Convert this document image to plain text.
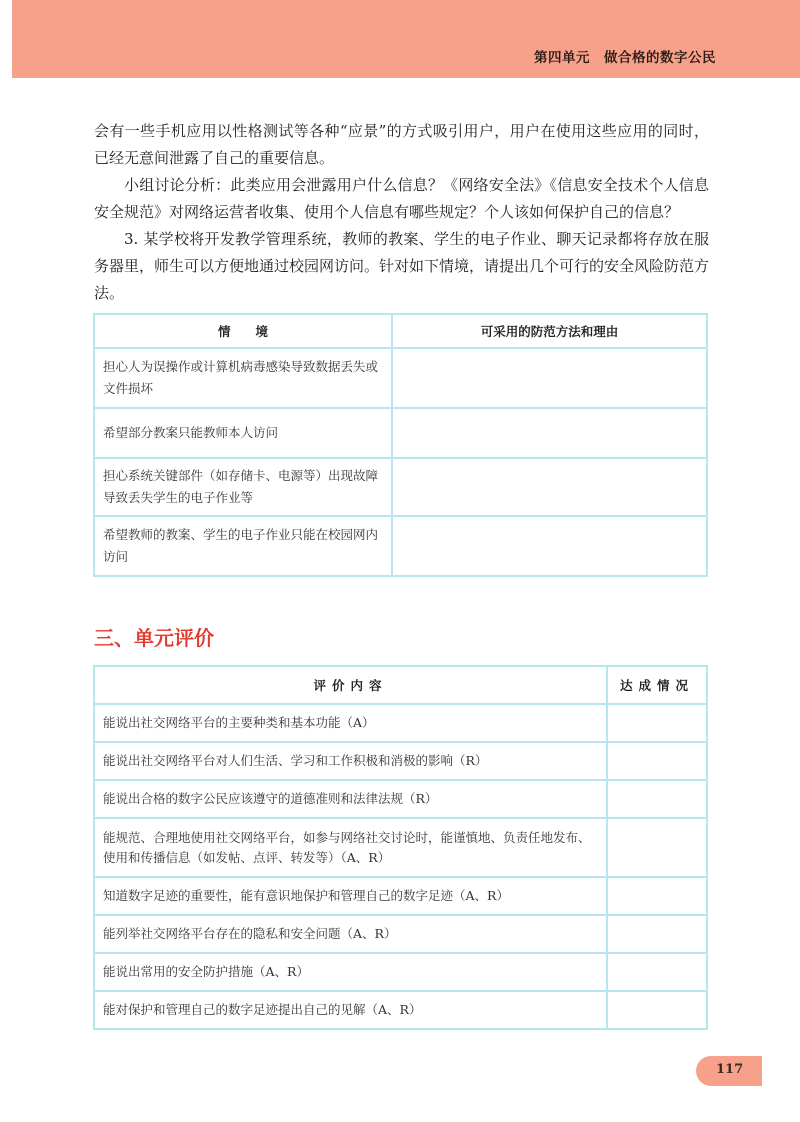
第四单元　做合格的数字公民

会有一些手机应用以性格测试等各种“应景”的方式吸引用户，用户在使用这些应用的同时，已经无意间泄露了自己的重要信息。

小组讨论分析：此类应用会泄露用户什么信息？《网络安全法》《信息安全技术个人信息安全规范》对网络运营者收集、使用个人信息有哪些规定？个人该如何保护自己的信息？

3. 某学校将开发教学管理系统，教师的教案、学生的电子作业、聊天记录都将存放在服务器里，师生可以方便地通过校园网访问。针对如下情境，请提出几个可行的安全风险防范方法。

情　　境	可采用的防范方法和理由
担心人为误操作或计算机病毒感染导致数据丢失或文件损坏	
希望部分教案只能教师本人访问	
担心系统关键部件（如存储卡、电源等）出现故障导致丢失学生的电子作业等	
希望教师的教案、学生的电子作业只能在校园网内访问	
三、单元评价
评价内容	达成情况
能说出社交网络平台的主要种类和基本功能（A）	
能说出社交网络平台对人们生活、学习和工作积极和消极的影响（R）	
能说出合格的数字公民应该遵守的道德准则和法律法规（R）	
能规范、合理地使用社交网络平台，如参与网络社交讨论时，能谨慎地、负责任地发布、使用和传播信息（如发帖、点评、转发等）（A、R）	
知道数字足迹的重要性，能有意识地保护和管理自己的数字足迹（A、R）	
能列举社交网络平台存在的隐私和安全问题（A、R）	
能说出常用的安全防护措施（A、R）	
能对保护和管理自己的数字足迹提出自己的见解（A、R）	
117
